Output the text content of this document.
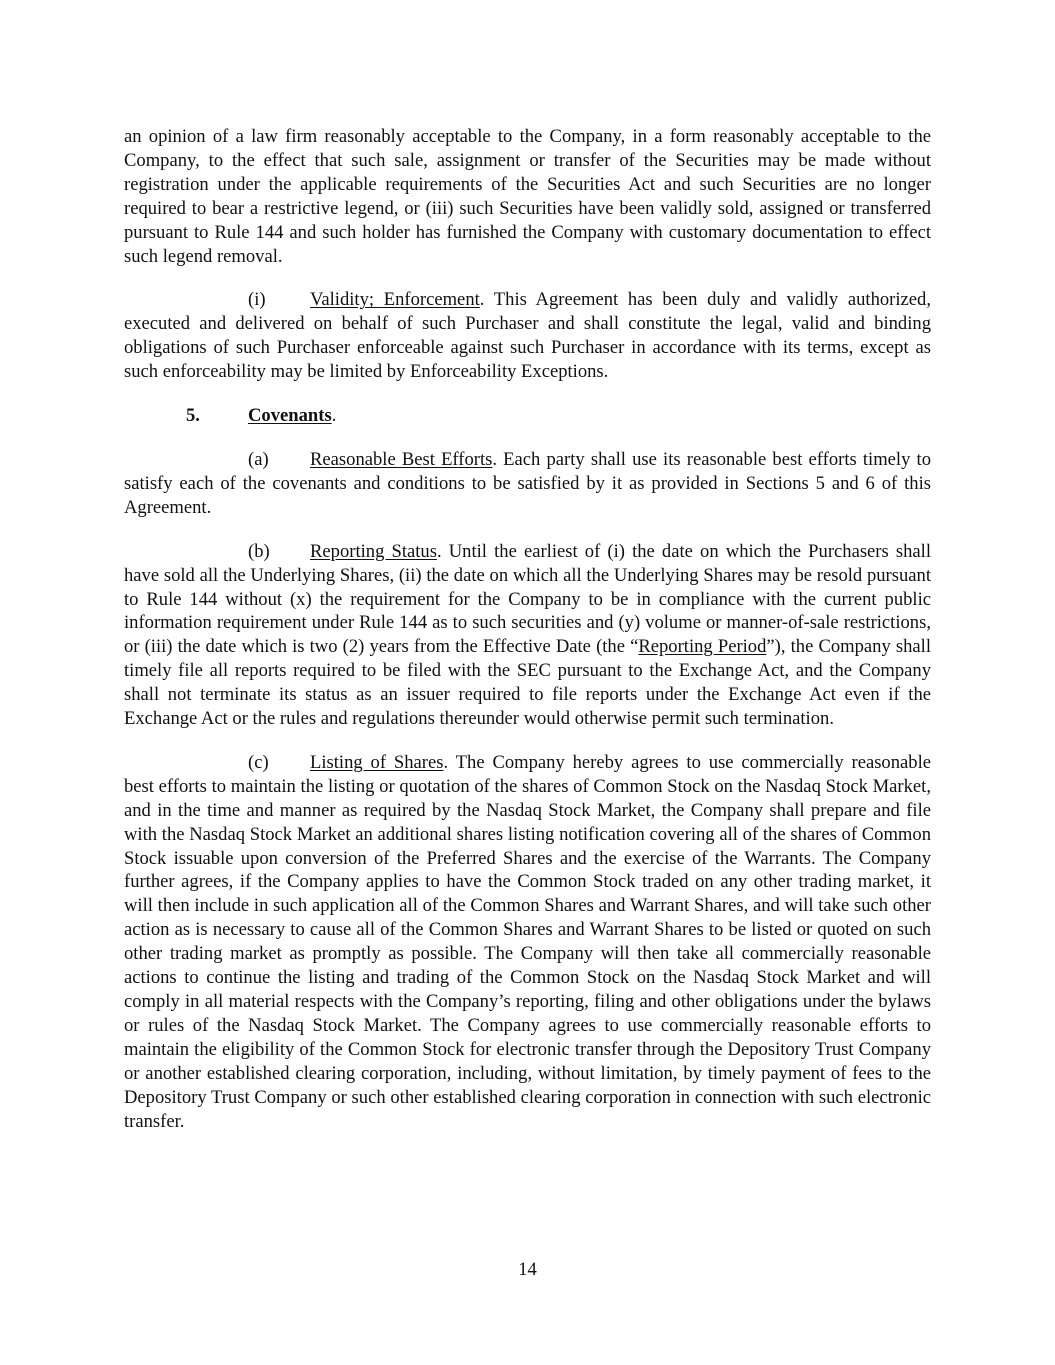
an opinion of a law firm reasonably acceptable to the Company, in a form reasonably acceptable to the Company, to the effect that such sale, assignment or transfer of the Securities may be made without registration under the applicable requirements of the Securities Act and such Securities are no longer required to bear a restrictive legend, or (iii) such Securities have been validly sold, assigned or transferred pursuant to Rule 144 and such holder has furnished the Company with customary documentation to effect such legend removal.

(i) Validity; Enforcement. This Agreement has been duly and validly authorized, executed and delivered on behalf of such Purchaser and shall constitute the legal, valid and binding obligations of such Purchaser enforceable against such Purchaser in accordance with its terms, except as such enforceability may be limited by Enforceability Exceptions.

5.	Covenants.

(a) Reasonable Best Efforts. Each party shall use its reasonable best efforts timely to satisfy each of the covenants and conditions to be satisfied by it as provided in Sections 5 and 6 of this Agreement.

(b) Reporting Status. Until the earliest of (i) the date on which the Purchasers shall have sold all the Underlying Shares, (ii) the date on which all the Underlying Shares may be resold pursuant to Rule 144 without (x) the requirement for the Company to be in compliance with the current public information requirement under Rule 144 as to such securities and (y) volume or manner-of-sale restrictions, or (iii) the date which is two (2) years from the Effective Date (the “Reporting Period”), the Company shall timely file all reports required to be filed with the SEC pursuant to the Exchange Act, and the Company shall not terminate its status as an issuer required to file reports under the Exchange Act even if the Exchange Act or the rules and regulations thereunder would otherwise permit such termination.

(c) Listing of Shares. The Company hereby agrees to use commercially reasonable best efforts to maintain the listing or quotation of the shares of Common Stock on the Nasdaq Stock Market, and in the time and manner as required by the Nasdaq Stock Market, the Company shall prepare and file with the Nasdaq Stock Market an additional shares listing notification covering all of the shares of Common Stock issuable upon conversion of the Preferred Shares and the exercise of the Warrants. The Company further agrees, if the Company applies to have the Common Stock traded on any other trading market, it will then include in such application all of the Common Shares and Warrant Shares, and will take such other action as is necessary to cause all of the Common Shares and Warrant Shares to be listed or quoted on such other trading market as promptly as possible. The Company will then take all commercially reasonable actions to continue the listing and trading of the Common Stock on the Nasdaq Stock Market and will comply in all material respects with the Company’s reporting, filing and other obligations under the bylaws or rules of the Nasdaq Stock Market. The Company agrees to use commercially reasonable efforts to maintain the eligibility of the Common Stock for electronic transfer through the Depository Trust Company or another established clearing corporation, including, without limitation, by timely payment of fees to the Depository Trust Company or such other established clearing corporation in connection with such electronic transfer.

14
